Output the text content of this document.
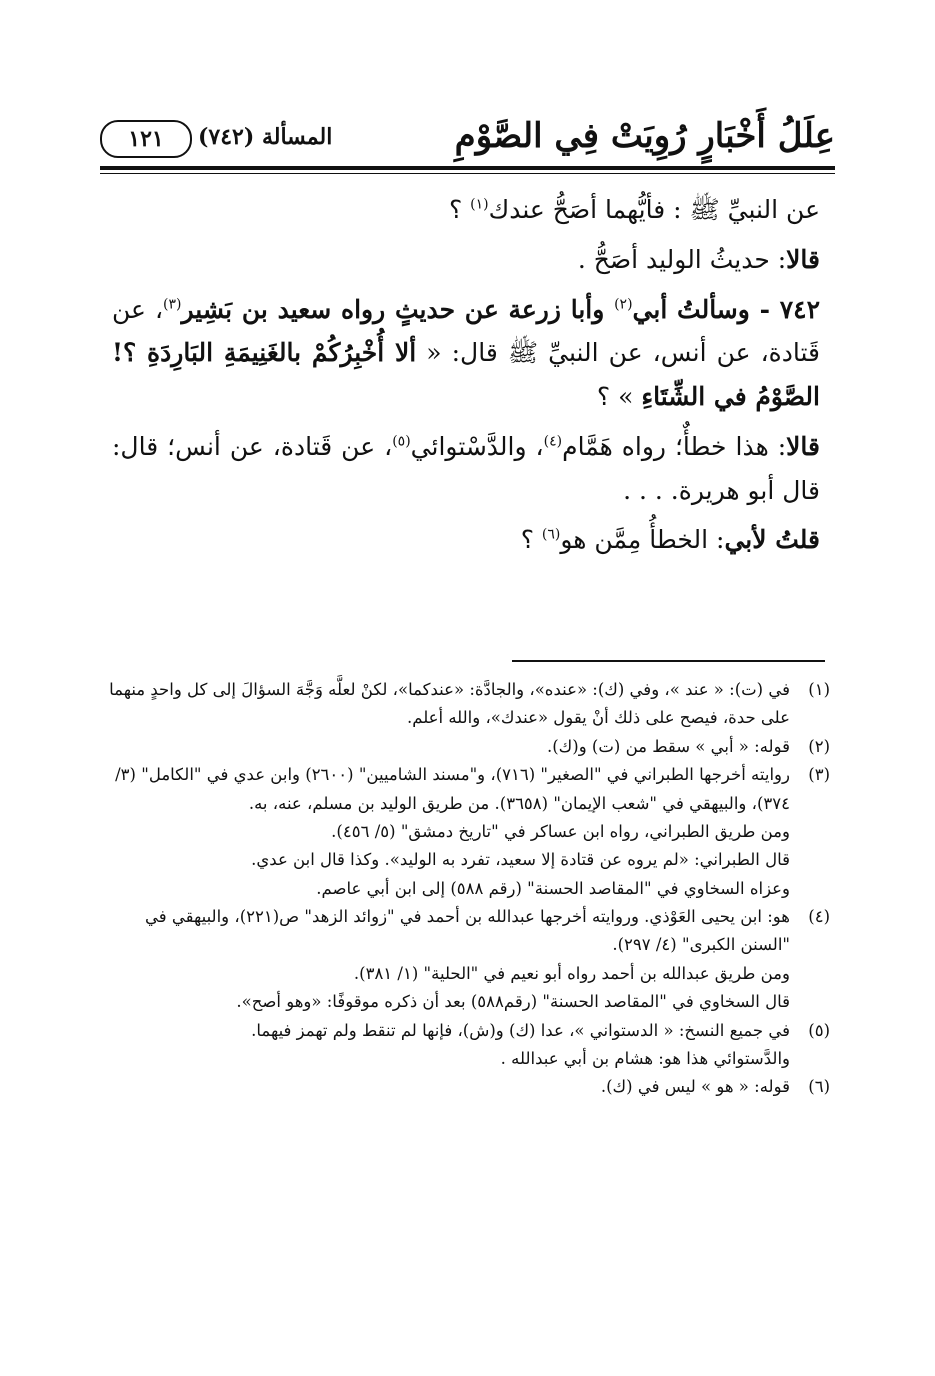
عِلَلُ أَخْبَارٍ رُوِيَتْ فِي الصَّوْمِ
المسألة (٧٤٢)
١٢١

عن النبيِّ ﷺ : فأيُّهما أصَحُّ عندك$^{(١)}$ ؟

قالا: حديثُ الوليد أصَحُّ .

٧٤٢ - وسألتُ أبي$^{(٢)}$ وأبا زرعة عن حديثٍ رواه سعيد بن بَشِير$^{(٣)}$، عن قَتادة، عن أنس، عن النبيِّ ﷺ قال: « ألا أُخْبِرُكُمْ بالغَنِيمَةِ البَارِدَةِ ؟! الصَّوْمُ في الشِّتَاءِ » ؟

قالا: هذا خطأٌ؛ رواه هَمَّام$^{(٤)}$، والدَّسْتوائي$^{(٥)}$، عن قَتادة، عن أنس؛ قال: قال أبو هريرة. . . .

قلتُ لأبي: الخطأُ مِمَّن هو$^{(٦)}$ ؟

(١)
في (ت): « عند »، وفي (ك): «عنده»، والجادَّة: «عندكما»، لكنْ لعلَّه وَجَّهَ السؤالَ إلى كل واحدٍ منهما على حدة، فيصح على ذلك أنْ يقول «عندك»، والله أعلم.
(٢)
قوله: « أبي » سقط من (ت) و(ك).
(٣)
روايته أخرجها الطبراني في "الصغير" (٧١٦)، و"مسند الشاميين" (٢٦٠٠) وابن عدي في "الكامل" (٣/ ٣٧٤)، والبيهقي في "شعب الإيمان" (٣٦٥٨). من طريق الوليد بن مسلم، عنه، به.
ومن طريق الطبراني، رواه ابن عساكر في "تاريخ دمشق" (٥/ ٤٥٦).
قال الطبراني: «لم يروه عن قتادة إلا سعيد، تفرد به الوليد». وكذا قال ابن عدي.
وعزاه السخاوي في "المقاصد الحسنة" (رقم ٥٨٨) إلى ابن أبي عاصم.
(٤)
هو: ابن يحيى العَوْذي. وروايته أخرجها عبدالله بن أحمد في "زوائد الزهد" ص(٢٢١)، والبيهقي في "السنن الكبرى" (٤/ ٢٩٧).
ومن طريق عبدالله بن أحمد رواه أبو نعيم في "الحلية" (١/ ٣٨١).
قال السخاوي في "المقاصد الحسنة" (رقم٥٨٨) بعد أن ذكره موقوفًا: «وهو أصح».
(٥)
في جميع النسخ: « الدستواني »، عدا (ك) و(ش)، فإنها لم تنقط ولم تهمز فيهما.
والدَّستوائي هذا هو: هشام بن أبي عبدالله .
(٦)
قوله: « هو » ليس في (ك).
